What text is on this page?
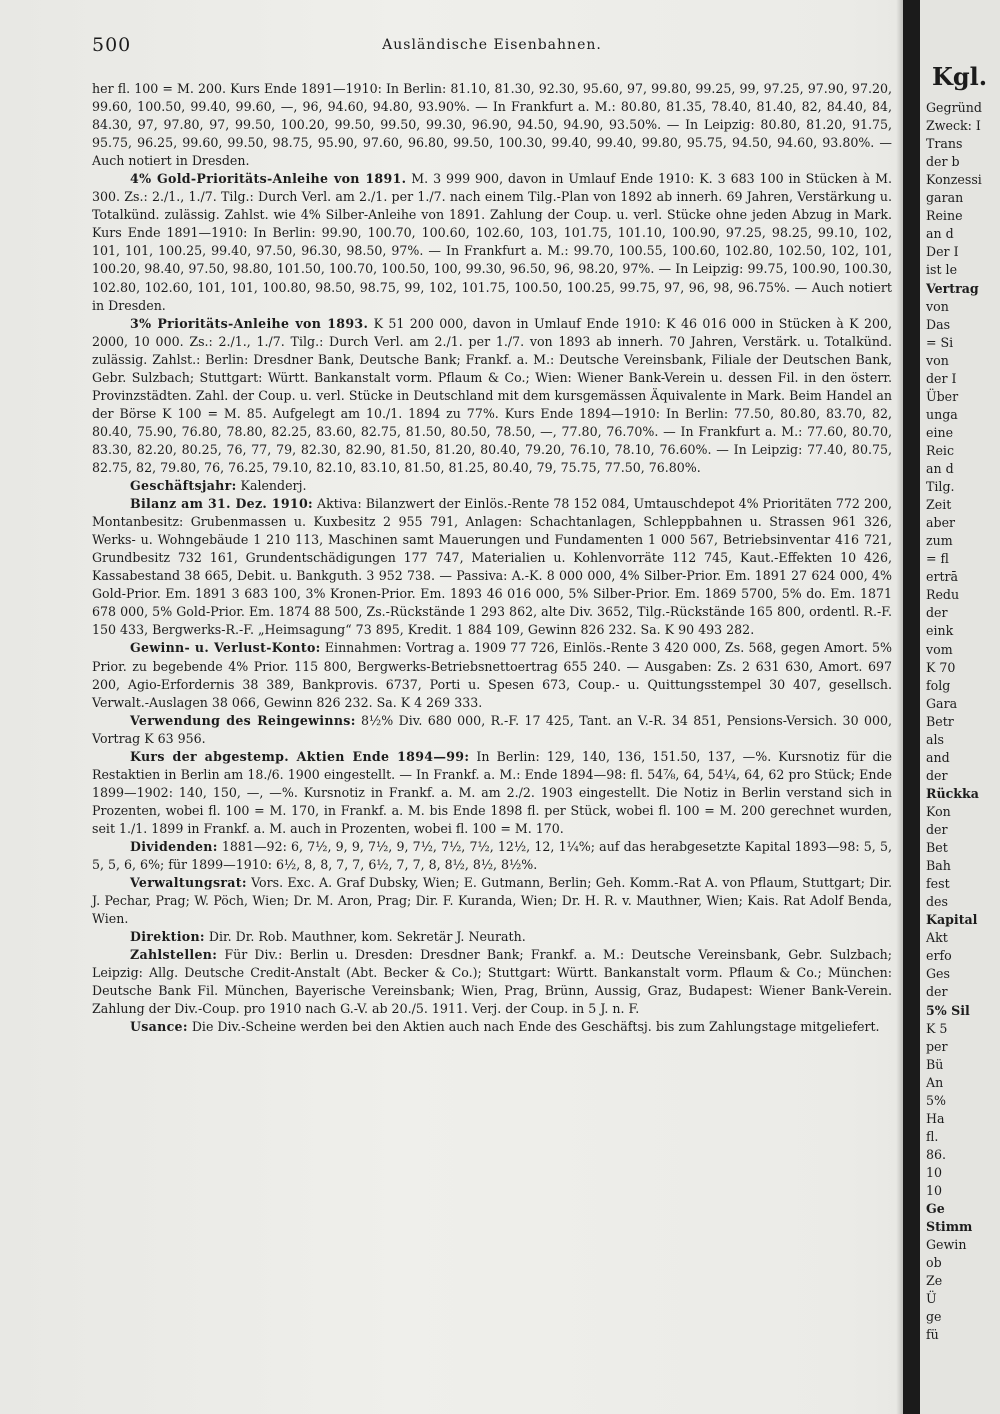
500	Ausländische Eisenbahnen.

her fl. 100 = M. 200. Kurs Ende 1891—1910: In Berlin: 81.10, 81.30, 92.30, 95.60, 97, 99.80, 99.25, 99, 97.25, 97.90, 97.20, 99.60, 100.50, 99.40, 99.60, —, 96, 94.60, 94.80, 93.90%. — In Frankfurt a. M.: 80.80, 81.35, 78.40, 81.40, 82, 84.40, 84, 84.30, 97, 97.80, 97, 99.50, 100.20, 99.50, 99.50, 99.30, 96.90, 94.50, 94.90, 93.50%. — In Leipzig: 80.80, 81.20, 91.75, 95.75, 96.25, 99.60, 99.50, 98.75, 95.90, 97.60, 96.80, 99.50, 100.30, 99.40, 99.40, 99.80, 95.75, 94.50, 94.60, 93.80%. — Auch notiert in Dresden.

4% Gold-Prioritäts-Anleihe von 1891. M. 3 999 900, davon in Umlauf Ende 1910: K. 3 683 100 in Stücken à M. 300. Zs.: 2./1., 1./7. Tilg.: Durch Verl. am 2./1. per 1./7. nach einem Tilg.-Plan von 1892 ab innerh. 69 Jahren, Verstärkung u. Totalkünd. zulässig. Zahlst. wie 4% Silber-Anleihe von 1891. Zahlung der Coup. u. verl. Stücke ohne jeden Abzug in Mark. Kurs Ende 1891—1910: In Berlin: 99.90, 100.70, 100.60, 102.60, 103, 101.75, 101.10, 100.90, 97.25, 98.25, 99.10, 102, 101, 101, 100.25, 99.40, 97.50, 96.30, 98.50, 97%. — In Frankfurt a. M.: 99.70, 100.55, 100.60, 102.80, 102.50, 102, 101, 100.20, 98.40, 97.50, 98.80, 101.50, 100.70, 100.50, 100, 99.30, 96.50, 96, 98.20, 97%. — In Leipzig: 99.75, 100.90, 100.30, 102.80, 102.60, 101, 101, 100.80, 98.50, 98.75, 99, 102, 101.75, 100.50, 100.25, 99.75, 97, 96, 98, 96.75%. — Auch notiert in Dresden.

3% Prioritäts-Anleihe von 1893. K 51 200 000, davon in Umlauf Ende 1910: K 46 016 000 in Stücken à K 200, 2000, 10 000. Zs.: 2./1., 1./7. Tilg.: Durch Verl. am 2./1. per 1./7. von 1893 ab innerh. 70 Jahren, Verstärk. u. Totalkünd. zulässig. Zahlst.: Berlin: Dresdner Bank, Deutsche Bank; Frankf. a. M.: Deutsche Vereinsbank, Filiale der Deutschen Bank, Gebr. Sulzbach; Stuttgart: Württ. Bankanstalt vorm. Pflaum & Co.; Wien: Wiener Bank-Verein u. dessen Fil. in den österr. Provinzstädten. Zahl. der Coup. u. verl. Stücke in Deutschland mit dem kursgemässen Äquivalente in Mark. Beim Handel an der Börse K 100 = M. 85. Aufgelegt am 10./1. 1894 zu 77%. Kurs Ende 1894—1910: In Berlin: 77.50, 80.80, 83.70, 82, 80.40, 75.90, 76.80, 78.80, 82.25, 83.60, 82.75, 81.50, 80.50, 78.50, —, 77.80, 76.70%. — In Frankfurt a. M.: 77.60, 80.70, 83.30, 82.20, 80.25, 76, 77, 79, 82.30, 82.90, 81.50, 81.20, 80.40, 79.20, 76.10, 78.10, 76.60%. — In Leipzig: 77.40, 80.75, 82.75, 82, 79.80, 76, 76.25, 79.10, 82.10, 83.10, 81.50, 81.25, 80.40, 79, 75.75, 77.50, 76.80%.

Geschäftsjahr: Kalenderj.

Bilanz am 31. Dez. 1910: Aktiva: Bilanzwert der Einlös.-Rente 78 152 084, Umtauschdepot 4% Prioritäten 772 200, Montanbesitz: Grubenmassen u. Kuxbesitz 2 955 791, Anlagen: Schachtanlagen, Schleppbahnen u. Strassen 961 326, Werks- u. Wohngebäude 1 210 113, Maschinen samt Mauerungen und Fundamenten 1 000 567, Betriebsinventar 416 721, Grundbesitz 732 161, Grundentschädigungen 177 747, Materialien u. Kohlenvorräte 112 745, Kaut.-Effekten 10 426, Kassabestand 38 665, Debit. u. Bankguth. 3 952 738. — Passiva: A.-K. 8 000 000, 4% Silber-Prior. Em. 1891 27 624 000, 4% Gold-Prior. Em. 1891 3 683 100, 3% Kronen-Prior. Em. 1893 46 016 000, 5% Silber-Prior. Em. 1869 5700, 5% do. Em. 1871 678 000, 5% Gold-Prior. Em. 1874 88 500, Zs.-Rückstände 1 293 862, alte Div. 3652, Tilg.-Rückstände 165 800, ordentl. R.-F. 150 433, Bergwerks-R.-F. „Heimsagung“ 73 895, Kredit. 1 884 109, Gewinn 826 232. Sa. K 90 493 282.

Gewinn- u. Verlust-Konto: Einnahmen: Vortrag a. 1909 77 726, Einlös.-Rente 3 420 000, Zs. 568, gegen Amort. 5% Prior. zu begebende 4% Prior. 115 800, Bergwerks-Betriebsnettoertrag 655 240. — Ausgaben: Zs. 2 631 630, Amort. 697 200, Agio-Erfordernis 38 389, Bankprovis. 6737, Porti u. Spesen 673, Coup.- u. Quittungsstempel 30 407, gesellsch. Verwalt.-Auslagen 38 066, Gewinn 826 232. Sa. K 4 269 333.

Verwendung des Reingewinns: 8½% Div. 680 000, R.-F. 17 425, Tant. an V.-R. 34 851, Pensions-Versich. 30 000, Vortrag K 63 956.

Kurs der abgestemp. Aktien Ende 1894—99: In Berlin: 129, 140, 136, 151.50, 137, —%. Kursnotiz für die Restaktien in Berlin am 18./6. 1900 eingestellt. — In Frankf. a. M.: Ende 1894—98: fl. 54⅞, 64, 54¼, 64, 62 pro Stück; Ende 1899—1902: 140, 150, —, —%. Kursnotiz in Frankf. a. M. am 2./2. 1903 eingestellt. Die Notiz in Berlin verstand sich in Prozenten, wobei fl. 100 = M. 170, in Frankf. a. M. bis Ende 1898 fl. per Stück, wobei fl. 100 = M. 200 gerechnet wurden, seit 1./1. 1899 in Frankf. a. M. auch in Prozenten, wobei fl. 100 = M. 170.

Dividenden: 1881—92: 6, 7½, 9, 9, 7½, 9, 7½, 7½, 7½, 12½, 12, 1¼%; auf das herabgesetzte Kapital 1893—98: 5, 5, 5, 5, 6, 6%; für 1899—1910: 6½, 8, 8, 7, 7, 6½, 7, 7, 8, 8½, 8½, 8½%.

Verwaltungsrat: Vors. Exc. A. Graf Dubsky, Wien; E. Gutmann, Berlin; Geh. Komm.-Rat A. von Pflaum, Stuttgart; Dir. J. Pechar, Prag; W. Pöch, Wien; Dr. M. Aron, Prag; Dir. F. Kuranda, Wien; Dr. H. R. v. Mauthner, Wien; Kais. Rat Adolf Benda, Wien.

Direktion: Dir. Dr. Rob. Mauthner, kom. Sekretär J. Neurath.

Zahlstellen: Für Div.: Berlin u. Dresden: Dresdner Bank; Frankf. a. M.: Deutsche Vereinsbank, Gebr. Sulzbach; Leipzig: Allg. Deutsche Credit-Anstalt (Abt. Becker & Co.); Stuttgart: Württ. Bankanstalt vorm. Pflaum & Co.; München: Deutsche Bank Fil. München, Bayerische Vereinsbank; Wien, Prag, Brünn, Aussig, Graz, Budapest: Wiener Bank-Verein. Zahlung der Div.-Coup. pro 1910 nach G.-V. ab 20./5. 1911. Verj. der Coup. in 5 J. n. F.

Usance: Die Div.-Scheine werden bei den Aktien auch nach Ende des Geschäftsj. bis zum Zahlungstage mitgeliefert.

Kgl.
Gegründ
Zweck: I
Trans
der b
Konzessi
garan
Reine
an d
Der I
ist le
Vertrag
von
Das
= Si
von
der I
Über
unga
eine
Reic
an d
Tilg.
Zeit
aber
zum
= fl
ertrā
Redu
der
eink
vom
K 70
folg
Gara
Betr
als
and
der
Rückka
Kon
der
Bet
Bah
fest
des
Kapital
Akt
erfo
Ges
der
5% Sil
K 5
per
Bü
An
5%
Ha
fl.
86.
10
10
Ge
Stimm
Gewin
ob
Ze
Ü
ge
fü
